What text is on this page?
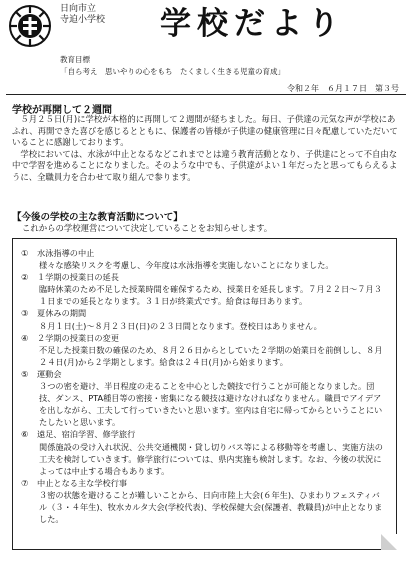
日向市立
寺迫小学校 学校だより
教育目標
「自ら考え　思いやりの心をもち　たくましく生きる児童の育成」
令和２年　６月１７日　第３号
学校が再開して２週間

５月２５日(月)に学校が本格的に再開して２週間が経ちました。毎日、子供達の元気な声が学校にあふれ、再開できた喜びを感じるとともに、保護者の皆様が子供達の健康管理に日々配慮していただいていることに感謝しております。

学校においては、水泳が中止となるなどこれまでとは違う教育活動となり、子供達にとって不自由な中で学習を進めることになりました。そのような中でも、子供達がよい１年だったと思ってもらえるように、全職員力を合わせて取り組んで参ります。

【今後の学校の主な教育活動について】
これからの学校運営について決定していることをお知らせします。
①	水泳指導の中止
様々な感染リスクを考慮し、今年度は水泳指導を実施しないことになりました。
②	１学期の授業日の延長
臨時休業のため不足した授業時間を確保するため、授業日を延長します。７月２２日～７月３１日までの延長となります。３１日が終業式です。給食は毎日あります。
③	夏休みの期間
８月１日(土)～８月２３日(日)の２３日間となります。登校日はありません。
④	２学期の授業日の変更
不足した授業日数の確保のため、８月２６日からとしていた２学期の始業日を前倒しし、８月２４日(月)から２学期とします。給食は２４日(月)から始まります。
⑤	運動会
３つの密を避け、半日程度の走ることを中心とした競技で行うことが可能となりました。団技、ダンス、PTA種目等の密接・密集になる競技は避けなければなりません。職員でアイデアを出しながら、工夫して行っていきたいと思います。室内は自宅に帰ってからということにいたしたいと思います。
⑥	遠足、宿泊学習、修学旅行
関係施設の受け入れ状況、公共交通機関・貸し切りバス等による移動等を考慮し、実施方法の工夫を検討していきます。修学旅行については、県内実施も検討します。なお、今後の状況によっては中止する場合もあります。
⑦	中止となる主な学校行事
３密の状態を避けることが難しいことから、日向市陸上大会(６年生)、ひまわりフェスティバル（３・４年生)、牧水カルタ大会(学校代表)、学校保健大会(保護者、教職員)が中止となりました。
